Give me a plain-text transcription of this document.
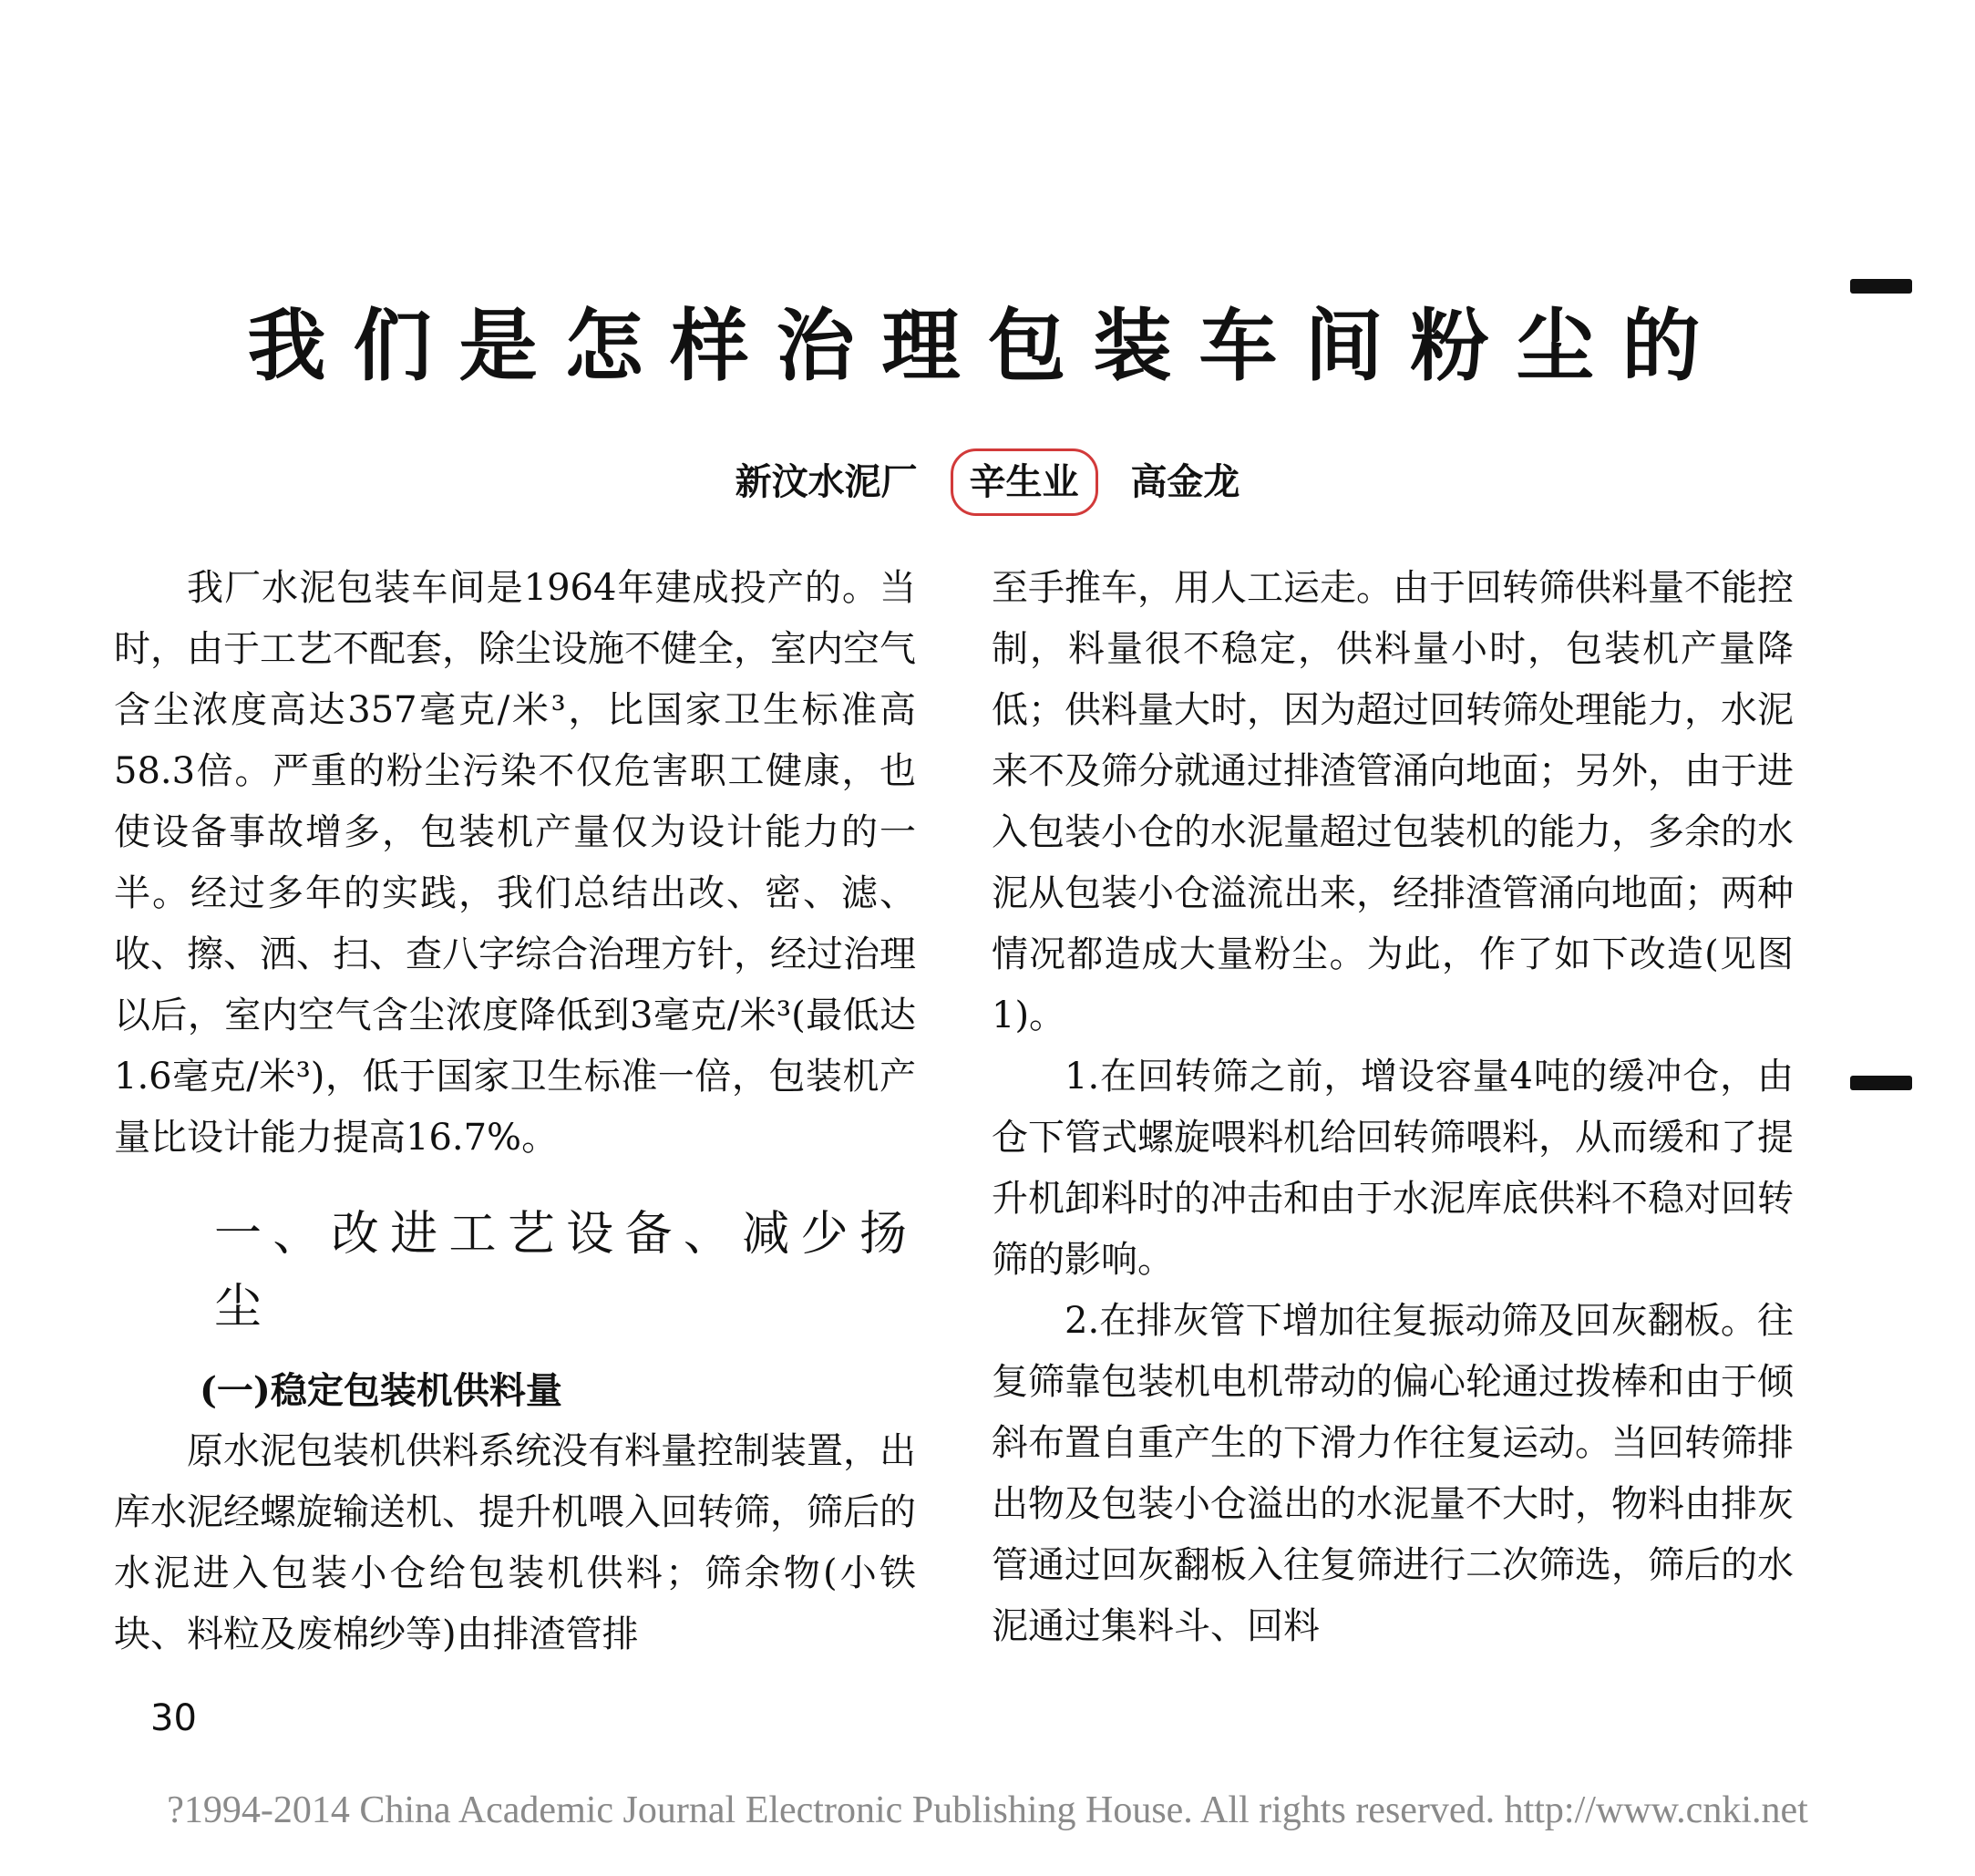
我们是怎样治理包装车间粉尘的
新汶水泥厂 辛生业 高金龙

我厂水泥包装车间是1964年建成投产的。当时，由于工艺不配套，除尘设施不健全，室内空气含尘浓度高达357毫克/米³，比国家卫生标准高58.3倍。严重的粉尘污染不仅危害职工健康，也使设备事故增多，包装机产量仅为设计能力的一半。经过多年的实践，我们总结出改、密、滤、收、擦、洒、扫、查八字综合治理方针，经过治理以后，室内空气含尘浓度降低到3毫克/米³(最低达1.6毫克/米³)，低于国家卫生标准一倍，包装机产量比设计能力提高16.7%。

一、改进工艺设备、减少扬尘

(一)稳定包装机供料量

原水泥包装机供料系统没有料量控制装置，出库水泥经螺旋输送机、提升机喂入回转筛，筛后的水泥进入包装小仓给包装机供料；筛余物(小铁块、料粒及废棉纱等)由排渣管排

至手推车，用人工运走。由于回转筛供料量不能控制，料量很不稳定，供料量小时，包装机产量降低；供料量大时，因为超过回转筛处理能力，水泥来不及筛分就通过排渣管涌向地面；另外，由于进入包装小仓的水泥量超过包装机的能力，多余的水泥从包装小仓溢流出来，经排渣管涌向地面；两种情况都造成大量粉尘。为此，作了如下改造(见图1)。

1.在回转筛之前，增设容量4吨的缓冲仓，由仓下管式螺旋喂料机给回转筛喂料，从而缓和了提升机卸料时的冲击和由于水泥库底供料不稳对回转筛的影响。

2.在排灰管下增加往复振动筛及回灰翻板。往复筛靠包装机电机带动的偏心轮通过拨棒和由于倾斜布置自重产生的下滑力作往复运动。当回转筛排出物及包装小仓溢出的水泥量不大时，物料由排灰管通过回灰翻板入往复筛进行二次筛选，筛后的水泥通过集料斗、回料

30
?1994-2014 China Academic Journal Electronic Publishing House. All rights reserved. http://www.cnki.net
